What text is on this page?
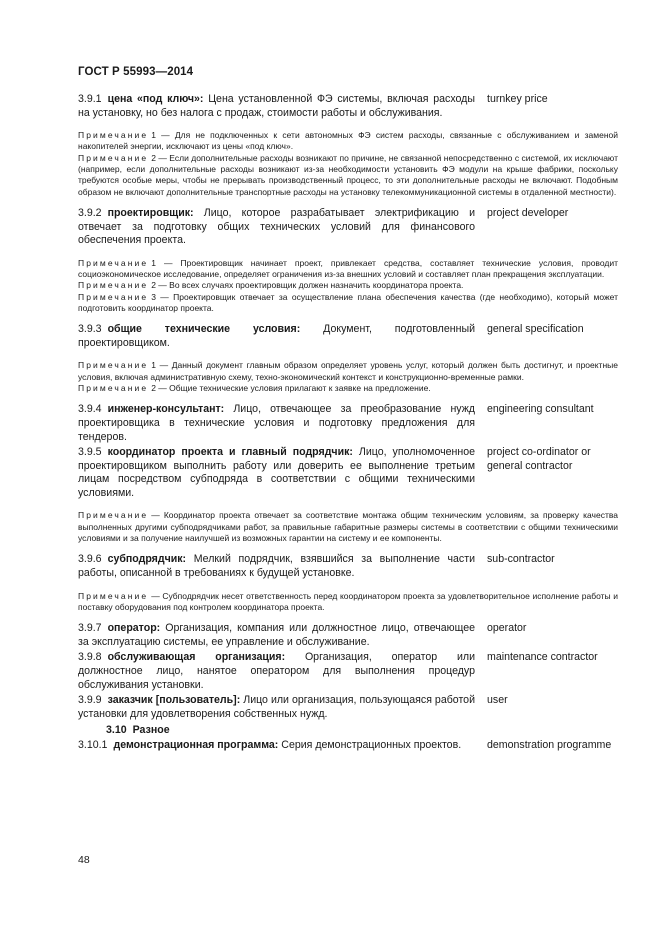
ГОСТ Р 55993—2014
3.9.1 цена «под ключ»: Цена установленной ФЭ системы, включая расходы на установку, но без налога с продаж, стоимости работы и обслуживания.
turnkey price

Примечание 1 — Для не подключенных к сети автономных ФЭ систем расходы, связанные с обслуживанием и заменой накопителей энергии, исключают из цены «под ключ».

Примечание 2 — Если дополнительные расходы возникают по причине, не связанной непосредственно с системой, их исключают (например, если дополнительные расходы возникают из-за необходимости установить ФЭ модули на крыше фабрики, поскольку требуются особые меры, чтобы не прерывать производственный процесс, то эти дополнительные расходы не включают. Подобным образом не включают дополнительные транспортные расходы на установку телекоммуникационной системы в отдаленной местности).

3.9.2 проектировщик: Лицо, которое разрабатывает электрификацию и отвечает за подготовку общих технических условий для финансового обеспечения проекта.
project developer

Примечание 1 — Проектировщик начинает проект, привлекает средства, составляет технические условия, проводит социоэкономическое исследование, определяет ограничения из-за внешних условий и составляет план прекращения эксплуатации.

Примечание 2 — Во всех случаях проектировщик должен назначить координатора проекта.

Примечание 3 — Проектировщик отвечает за осуществление плана обеспечения качества (где необходимо), который может подготовить координатор проекта.

3.9.3 общие технические условия: Документ, подготовленный проектировщиком.
general specification

Примечание 1 — Данный документ главным образом определяет уровень услуг, который должен быть достигнут, и проектные условия, включая административную схему, техно-экономический контекст и конструкционно-временные рамки.

Примечание 2 — Общие технические условия прилагают к заявке на предложение.

3.9.4 инженер-консультант: Лицо, отвечающее за преобразование нужд проектировщика в технические условия и подготовку предложения для тендеров.
engineering consultant
3.9.5 координатор проекта и главный подрядчик: Лицо, уполномоченное проектировщиком выполнить работу или доверить ее выполнение третьим лицам посредством субподряда в соответствии с общими техническими условиями.
project co-ordinator or general contractor

Примечание — Координатор проекта отвечает за соответствие монтажа общим техническим условиям, за проверку качества выполненных другими субподрядчиками работ, за правильные габаритные размеры системы в соответствии с общими техническими условиями и за получение наилучшей из возможных гарантии на систему и ее компоненты.

3.9.6 субподрядчик: Мелкий подрядчик, взявшийся за выполнение части работы, описанной в требованиях к будущей установке.
sub-contractor

Примечание — Субподрядчик несет ответственность перед координатором проекта за удовлетворительное исполнение работы и поставку оборудования под контролем координатора проекта.

3.9.7 оператор: Организация, компания или должностное лицо, отвечающее за эксплуатацию системы, ее управление и обслуживание.
operator
3.9.8 обслуживающая организация: Организация, оператор или должностное лицо, нанятое оператором для выполнения процедур обслуживания установки.
maintenance contractor
3.9.9 заказчик [пользователь]: Лицо или организация, пользующаяся работой установки для удовлетворения собственных нужд.
user
3.10 Разное
3.10.1 демонстрационная программа: Серия демонстрационных проектов.	demonstration programme
48
